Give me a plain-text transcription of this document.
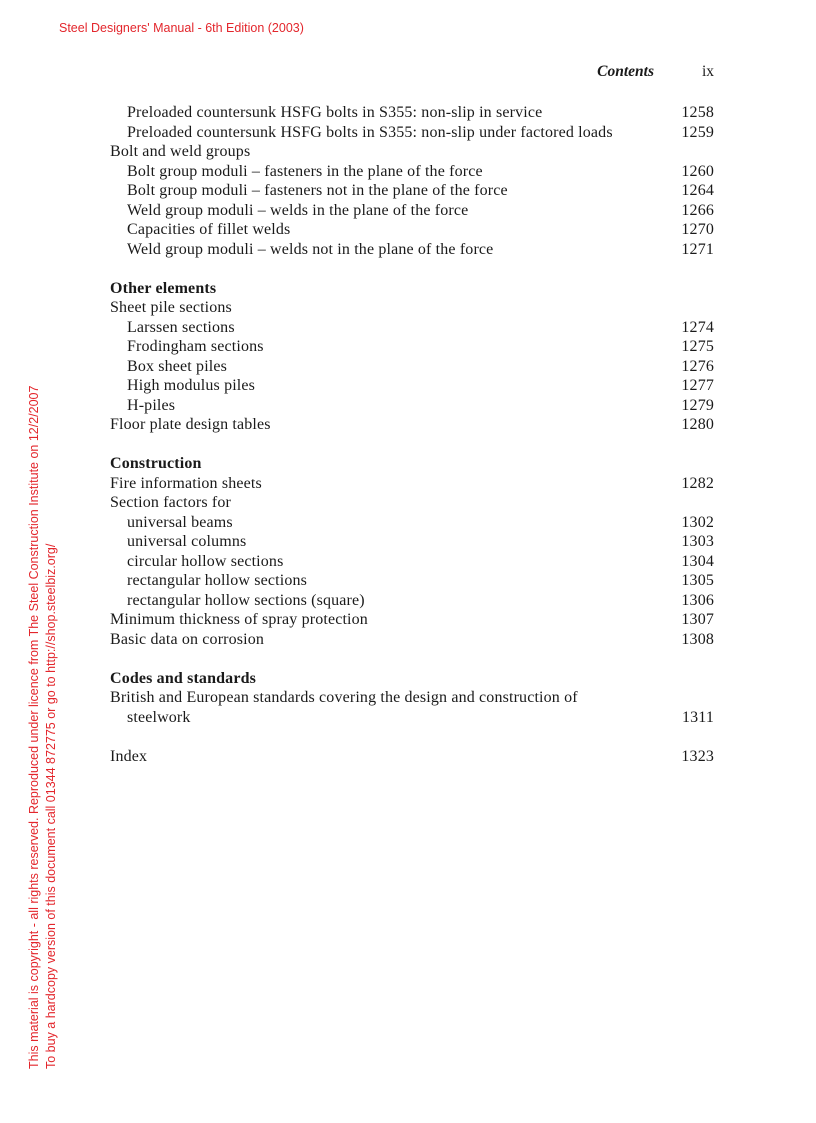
Steel Designers' Manual - 6th Edition (2003)
Contents	ix
Preloaded countersunk HSFG bolts in S355: non-slip in service	1258
Preloaded countersunk HSFG bolts in S355: non-slip under factored loads	1259
Bolt and weld groups
Bolt group moduli – fasteners in the plane of the force	1260
Bolt group moduli – fasteners not in the plane of the force	1264
Weld group moduli – welds in the plane of the force	1266
Capacities of fillet welds	1270
Weld group moduli – welds not in the plane of the force	1271
Other elements
Sheet pile sections
Larssen sections	1274
Frodingham sections	1275
Box sheet piles	1276
High modulus piles	1277
H-piles	1279
Floor plate design tables	1280
Construction
Fire information sheets	1282
Section factors for
universal beams	1302
universal columns	1303
circular hollow sections	1304
rectangular hollow sections	1305
rectangular hollow sections (square)	1306
Minimum thickness of spray protection	1307
Basic data on corrosion	1308
Codes and standards
British and European standards covering the design and construction of steelwork	1311
Index	1323
This material is copyright - all rights reserved. Reproduced under licence from The Steel Construction Institute on 12/2/2007 To buy a hardcopy version of this document call 01344 872775 or go to http://shop.steelbiz.org/
